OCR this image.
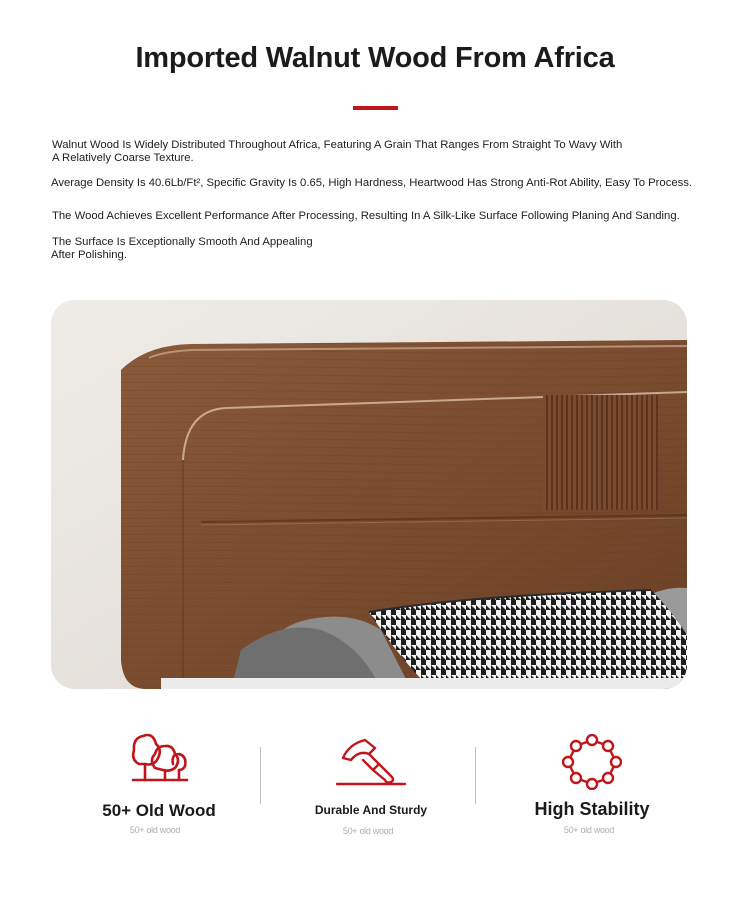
Imported Walnut Wood From Africa
Walnut Wood Is Widely Distributed Throughout Africa, Featuring A Grain That Ranges From Straight To Wavy With
A Relatively Coarse Texture.
Average Density Is 40.6Lb/Ft², Specific Gravity Is 0.65, High Hardness, Heartwood Has Strong Anti-Rot Ability, Easy To Process.
The Wood Achieves Excellent Performance After Processing, Resulting In A Silk-Like Surface Following Planing And Sanding.
The Surface Is Exceptionally Smooth And Appealing
After Polishing.
50+ Old Wood
50+ old wood
Durable And Sturdy
50+ old wood
High Stability
50+ old wood
